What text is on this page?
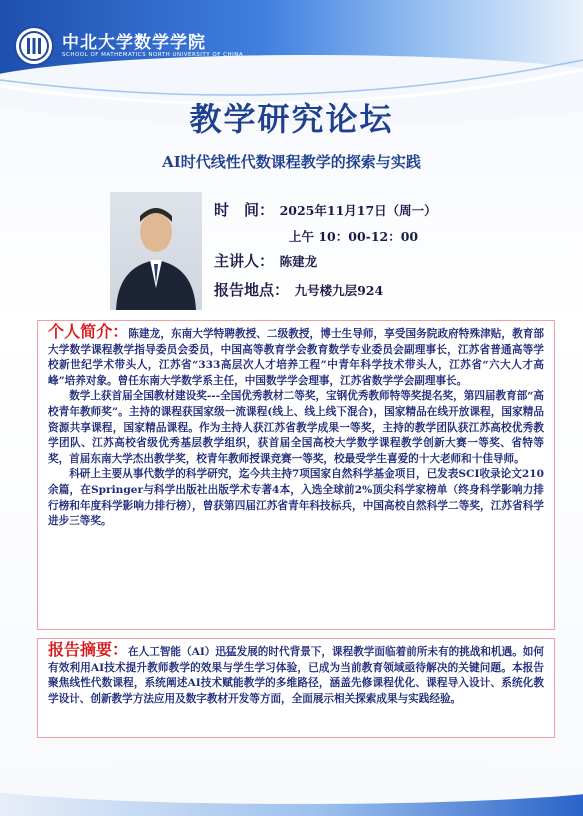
中北大学数学学院
SCHOOL OF MATHEMATICS NORTH UNIVERSITY OF CHINA
教学研究论坛
AI时代线性代数课程教学的探索与实践
时　间： 2025年11月17日（周一）
上午 10：00-12：00
主讲人： 陈建龙
报告地点： 九号楼九层924

个人简介：陈建龙，东南大学特聘教授、二级教授，博士生导师，享受国务院政府特殊津贴，教育部大学数学课程教学指导委员会委员，中国高等教育学会教育数学专业委员会副理事长，江苏省普通高等学校新世纪学术带头人，江苏省“333高层次人才培养工程”中青年科学技术带头人，江苏省“六大人才高峰”培养对象。曾任东南大学数学系主任，中国数学学会理事，江苏省数学学会副理事长。

数学上获首届全国教材建设奖---全国优秀教材二等奖，宝钢优秀教师特等奖提名奖，第四届教育部“高校青年教师奖”。主持的课程获国家级一流课程(线上、线上线下混合)，国家精品在线开放课程，国家精品资源共享课程，国家精品课程。作为主持人获江苏省教学成果一等奖，主持的教学团队获江苏高校优秀教学团队、江苏高校省级优秀基层教学组织，获首届全国高校大学数学课程教学创新大赛一等奖、省特等奖，首届东南大学杰出教学奖，校青年教师授课竞赛一等奖，校最受学生喜爱的十大老师和十佳导师。

科研上主要从事代数学的科学研究，迄今共主持7项国家自然科学基金项目，已发表SCI收录论文210余篇，在Springer与科学出版社出版学术专著4本，入选全球前2%顶尖科学家榜单（终身科学影响力排行榜和年度科学影响力排行榜），曾获第四届江苏省青年科技标兵，中国高校自然科学二等奖，江苏省科学进步三等奖。

报告摘要：在人工智能（AI）迅猛发展的时代背景下，课程教学面临着前所未有的挑战和机遇。如何有效利用AI技术提升教师教学的效果与学生学习体验，已成为当前教育领域亟待解决的关键问题。本报告聚焦线性代数课程，系统阐述AI技术赋能教学的多维路径，涵盖先修课程优化、课程导入设计、系统化教学设计、创新教学方法应用及数字教材开发等方面，全面展示相关探索成果与实践经验。
